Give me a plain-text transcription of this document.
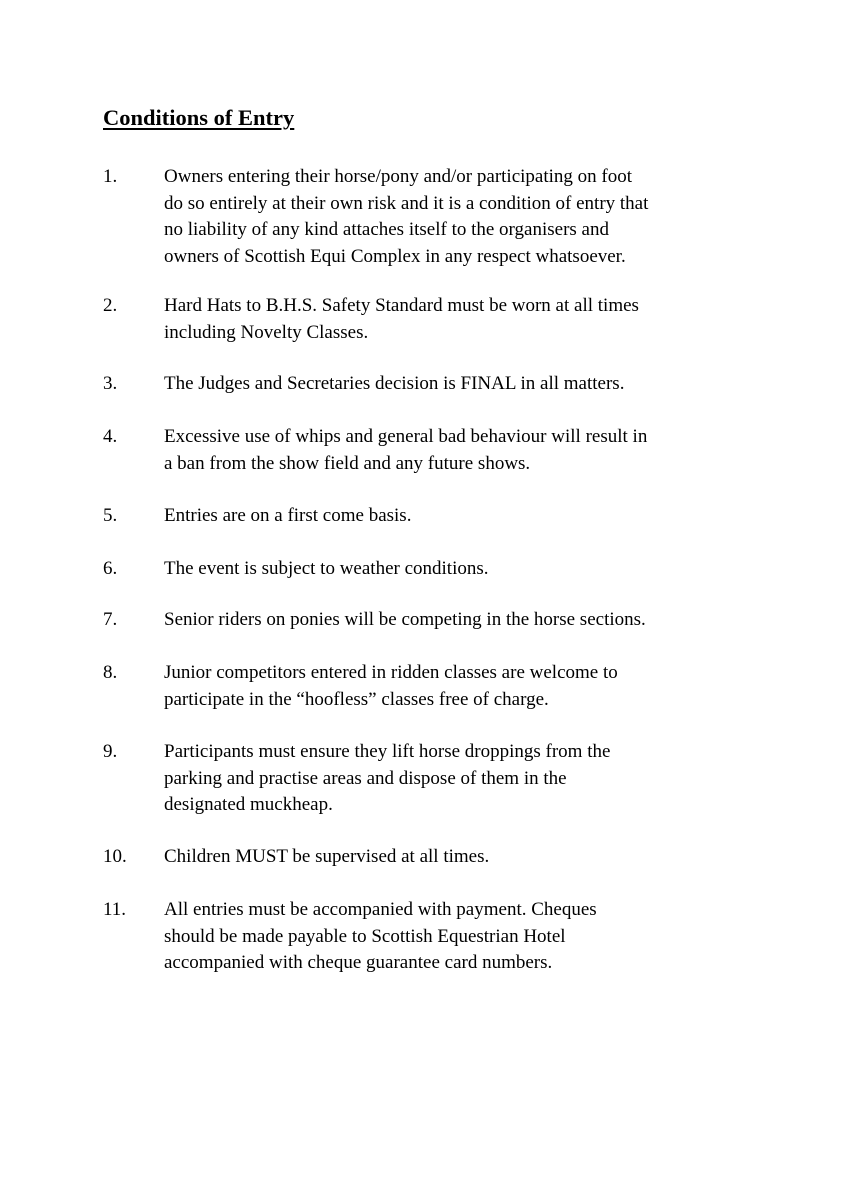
Conditions of Entry
1.	Owners entering their horse/pony and/or participating on foot
do so entirely at their own risk and it is a condition of entry that
no liability of any kind attaches itself to the organisers and
owners of Scottish Equi Complex in any respect whatsoever.
2.	Hard Hats to B.H.S. Safety Standard must be worn at all times
including Novelty Classes.
3.	The Judges and Secretaries decision is FINAL in all matters.
4.	Excessive use of whips and general bad behaviour will result in
a ban from the show field and any future shows.
5.	Entries are on a first come basis.
6.	The event is subject to weather conditions.
7.	Senior riders on ponies will be competing in the horse sections.
8.	Junior competitors entered in ridden classes are welcome to
participate in the “hoofless” classes free of charge.
9.	Participants must ensure they lift horse droppings from the
parking and practise areas and dispose of them in the
designated muckheap.
10.	Children MUST be supervised at all times.
11.	All entries must be accompanied with payment. Cheques
should be made payable to Scottish Equestrian Hotel
accompanied with cheque guarantee card numbers.
